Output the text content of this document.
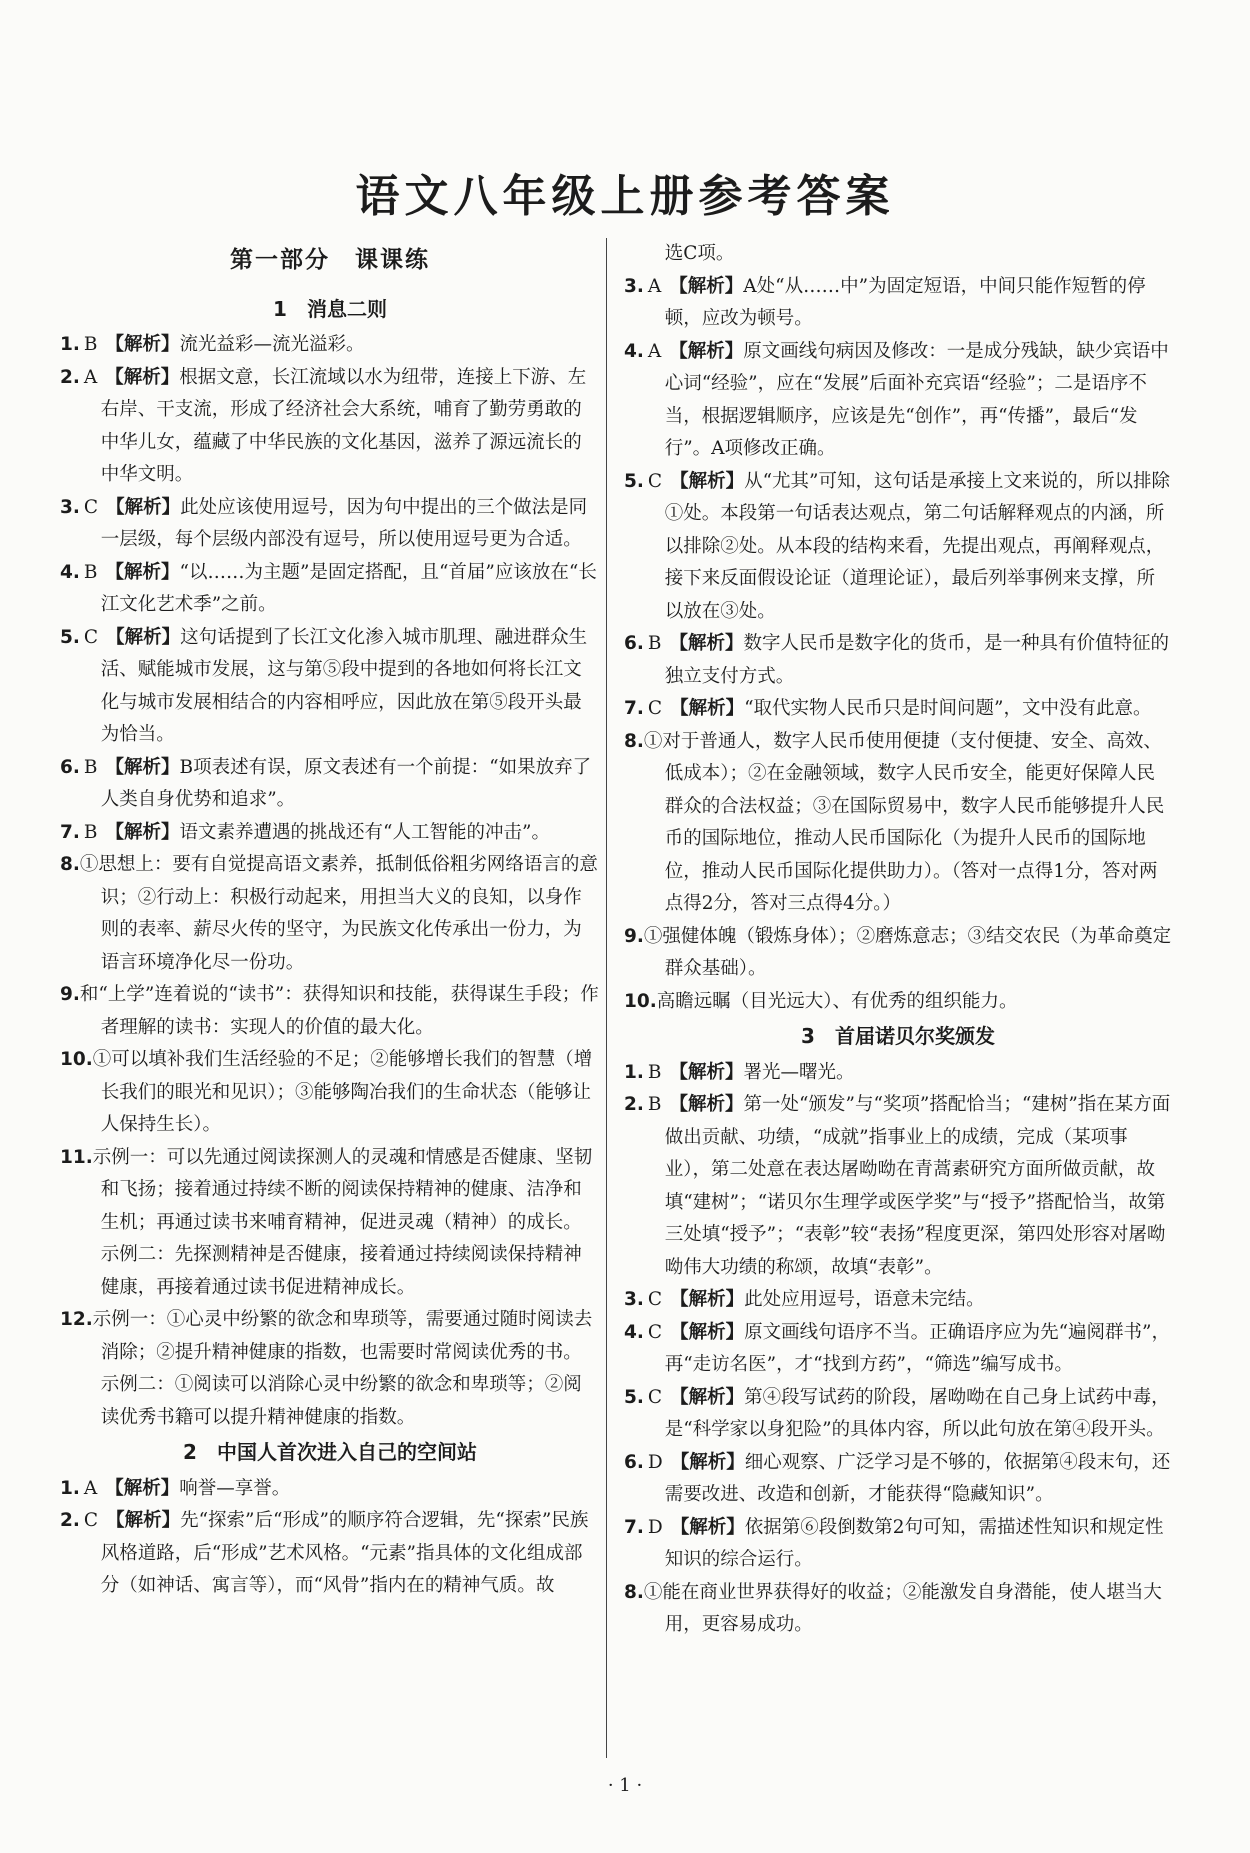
语文八年级上册参考答案
第一部分　课课练
1　消息二则

1. B 【解析】流光益彩—流光溢彩。

2. A 【解析】根据文意，长江流域以水为纽带，连接上下游、左右岸、干支流，形成了经济社会大系统，哺育了勤劳勇敢的中华儿女，蕴藏了中华民族的文化基因，滋养了源远流长的中华文明。

3. C 【解析】此处应该使用逗号，因为句中提出的三个做法是同一层级，每个层级内部没有逗号，所以使用逗号更为合适。

4. B 【解析】“以……为主题”是固定搭配，且“首届”应该放在“长江文化艺术季”之前。

5. C 【解析】这句话提到了长江文化渗入城市肌理、融进群众生活、赋能城市发展，这与第⑤段中提到的各地如何将长江文化与城市发展相结合的内容相呼应，因此放在第⑤段开头最为恰当。

6. B 【解析】B项表述有误，原文表述有一个前提：“如果放弃了人类自身优势和追求”。

7. B 【解析】语文素养遭遇的挑战还有“人工智能的冲击”。

8.①思想上：要有自觉提高语文素养，抵制低俗粗劣网络语言的意识；②行动上：积极行动起来，用担当大义的良知，以身作则的表率、薪尽火传的坚守，为民族文化传承出一份力，为语言环境净化尽一份功。

9.和“上学”连着说的“读书”：获得知识和技能，获得谋生手段；作者理解的读书：实现人的价值的最大化。

10.①可以填补我们生活经验的不足；②能够增长我们的智慧（增长我们的眼光和见识）；③能够陶冶我们的生命状态（能够让人保持生长）。

11.示例一：可以先通过阅读探测人的灵魂和情感是否健康、坚韧和飞扬；接着通过持续不断的阅读保持精神的健康、洁净和生机；再通过读书来哺育精神，促进灵魂（精神）的成长。

示例二：先探测精神是否健康，接着通过持续阅读保持精神健康，再接着通过读书促进精神成长。

12.示例一：①心灵中纷繁的欲念和卑琐等，需要通过随时阅读去消除；②提升精神健康的指数，也需要时常阅读优秀的书。

示例二：①阅读可以消除心灵中纷繁的欲念和卑琐等；②阅读优秀书籍可以提升精神健康的指数。

2　中国人首次进入自己的空间站

1. A 【解析】响誉—享誉。

2. C 【解析】先“探索”后“形成”的顺序符合逻辑，先“探索”民族风格道路，后“形成”艺术风格。“元素”指具体的文化组成部分（如神话、寓言等），而“风骨”指内在的精神气质。故

选C项。

3. A 【解析】A处“从……中”为固定短语，中间只能作短暂的停顿，应改为顿号。

4. A 【解析】原文画线句病因及修改：一是成分残缺，缺少宾语中心词“经验”，应在“发展”后面补充宾语“经验”；二是语序不当，根据逻辑顺序，应该是先“创作”，再“传播”，最后“发行”。A项修改正确。

5. C 【解析】从“尤其”可知，这句话是承接上文来说的，所以排除①处。本段第一句话表达观点，第二句话解释观点的内涵，所以排除②处。从本段的结构来看，先提出观点，再阐释观点，接下来反面假设论证（道理论证），最后列举事例来支撑，所以放在③处。

6. B 【解析】数字人民币是数字化的货币，是一种具有价值特征的独立支付方式。

7. C 【解析】“取代实物人民币只是时间问题”，文中没有此意。

8.①对于普通人，数字人民币使用便捷（支付便捷、安全、高效、低成本）；②在金融领域，数字人民币安全，能更好保障人民群众的合法权益；③在国际贸易中，数字人民币能够提升人民币的国际地位，推动人民币国际化（为提升人民币的国际地位，推动人民币国际化提供助力）。（答对一点得1分，答对两点得2分，答对三点得4分。）

9.①强健体魄（锻炼身体）；②磨炼意志；③结交农民（为革命奠定群众基础）。

10.高瞻远瞩（目光远大）、有优秀的组织能力。

3　首届诺贝尔奖颁发

1. B 【解析】署光—曙光。

2. B 【解析】第一处“颁发”与“奖项”搭配恰当；“建树”指在某方面做出贡献、功绩，“成就”指事业上的成绩，完成（某项事业），第二处意在表达屠呦呦在青蒿素研究方面所做贡献，故填“建树”；“诺贝尔生理学或医学奖”与“授予”搭配恰当，故第三处填“授予”；“表彰”较“表扬”程度更深，第四处形容对屠呦呦伟大功绩的称颂，故填“表彰”。

3. C 【解析】此处应用逗号，语意未完结。

4. C 【解析】原文画线句语序不当。正确语序应为先“遍阅群书”，再“走访名医”，才“找到方药”，“筛选”编写成书。

5. C 【解析】第④段写试药的阶段，屠呦呦在自己身上试药中毒，是“科学家以身犯险”的具体内容，所以此句放在第④段开头。

6. D 【解析】细心观察、广泛学习是不够的，依据第④段末句，还需要改进、改造和创新，才能获得“隐藏知识”。

7. D 【解析】依据第⑥段倒数第2句可知，需描述性知识和规定性知识的综合运行。

8.①能在商业世界获得好的收益；②能激发自身潜能，使人堪当大用，更容易成功。

· 1 ·
